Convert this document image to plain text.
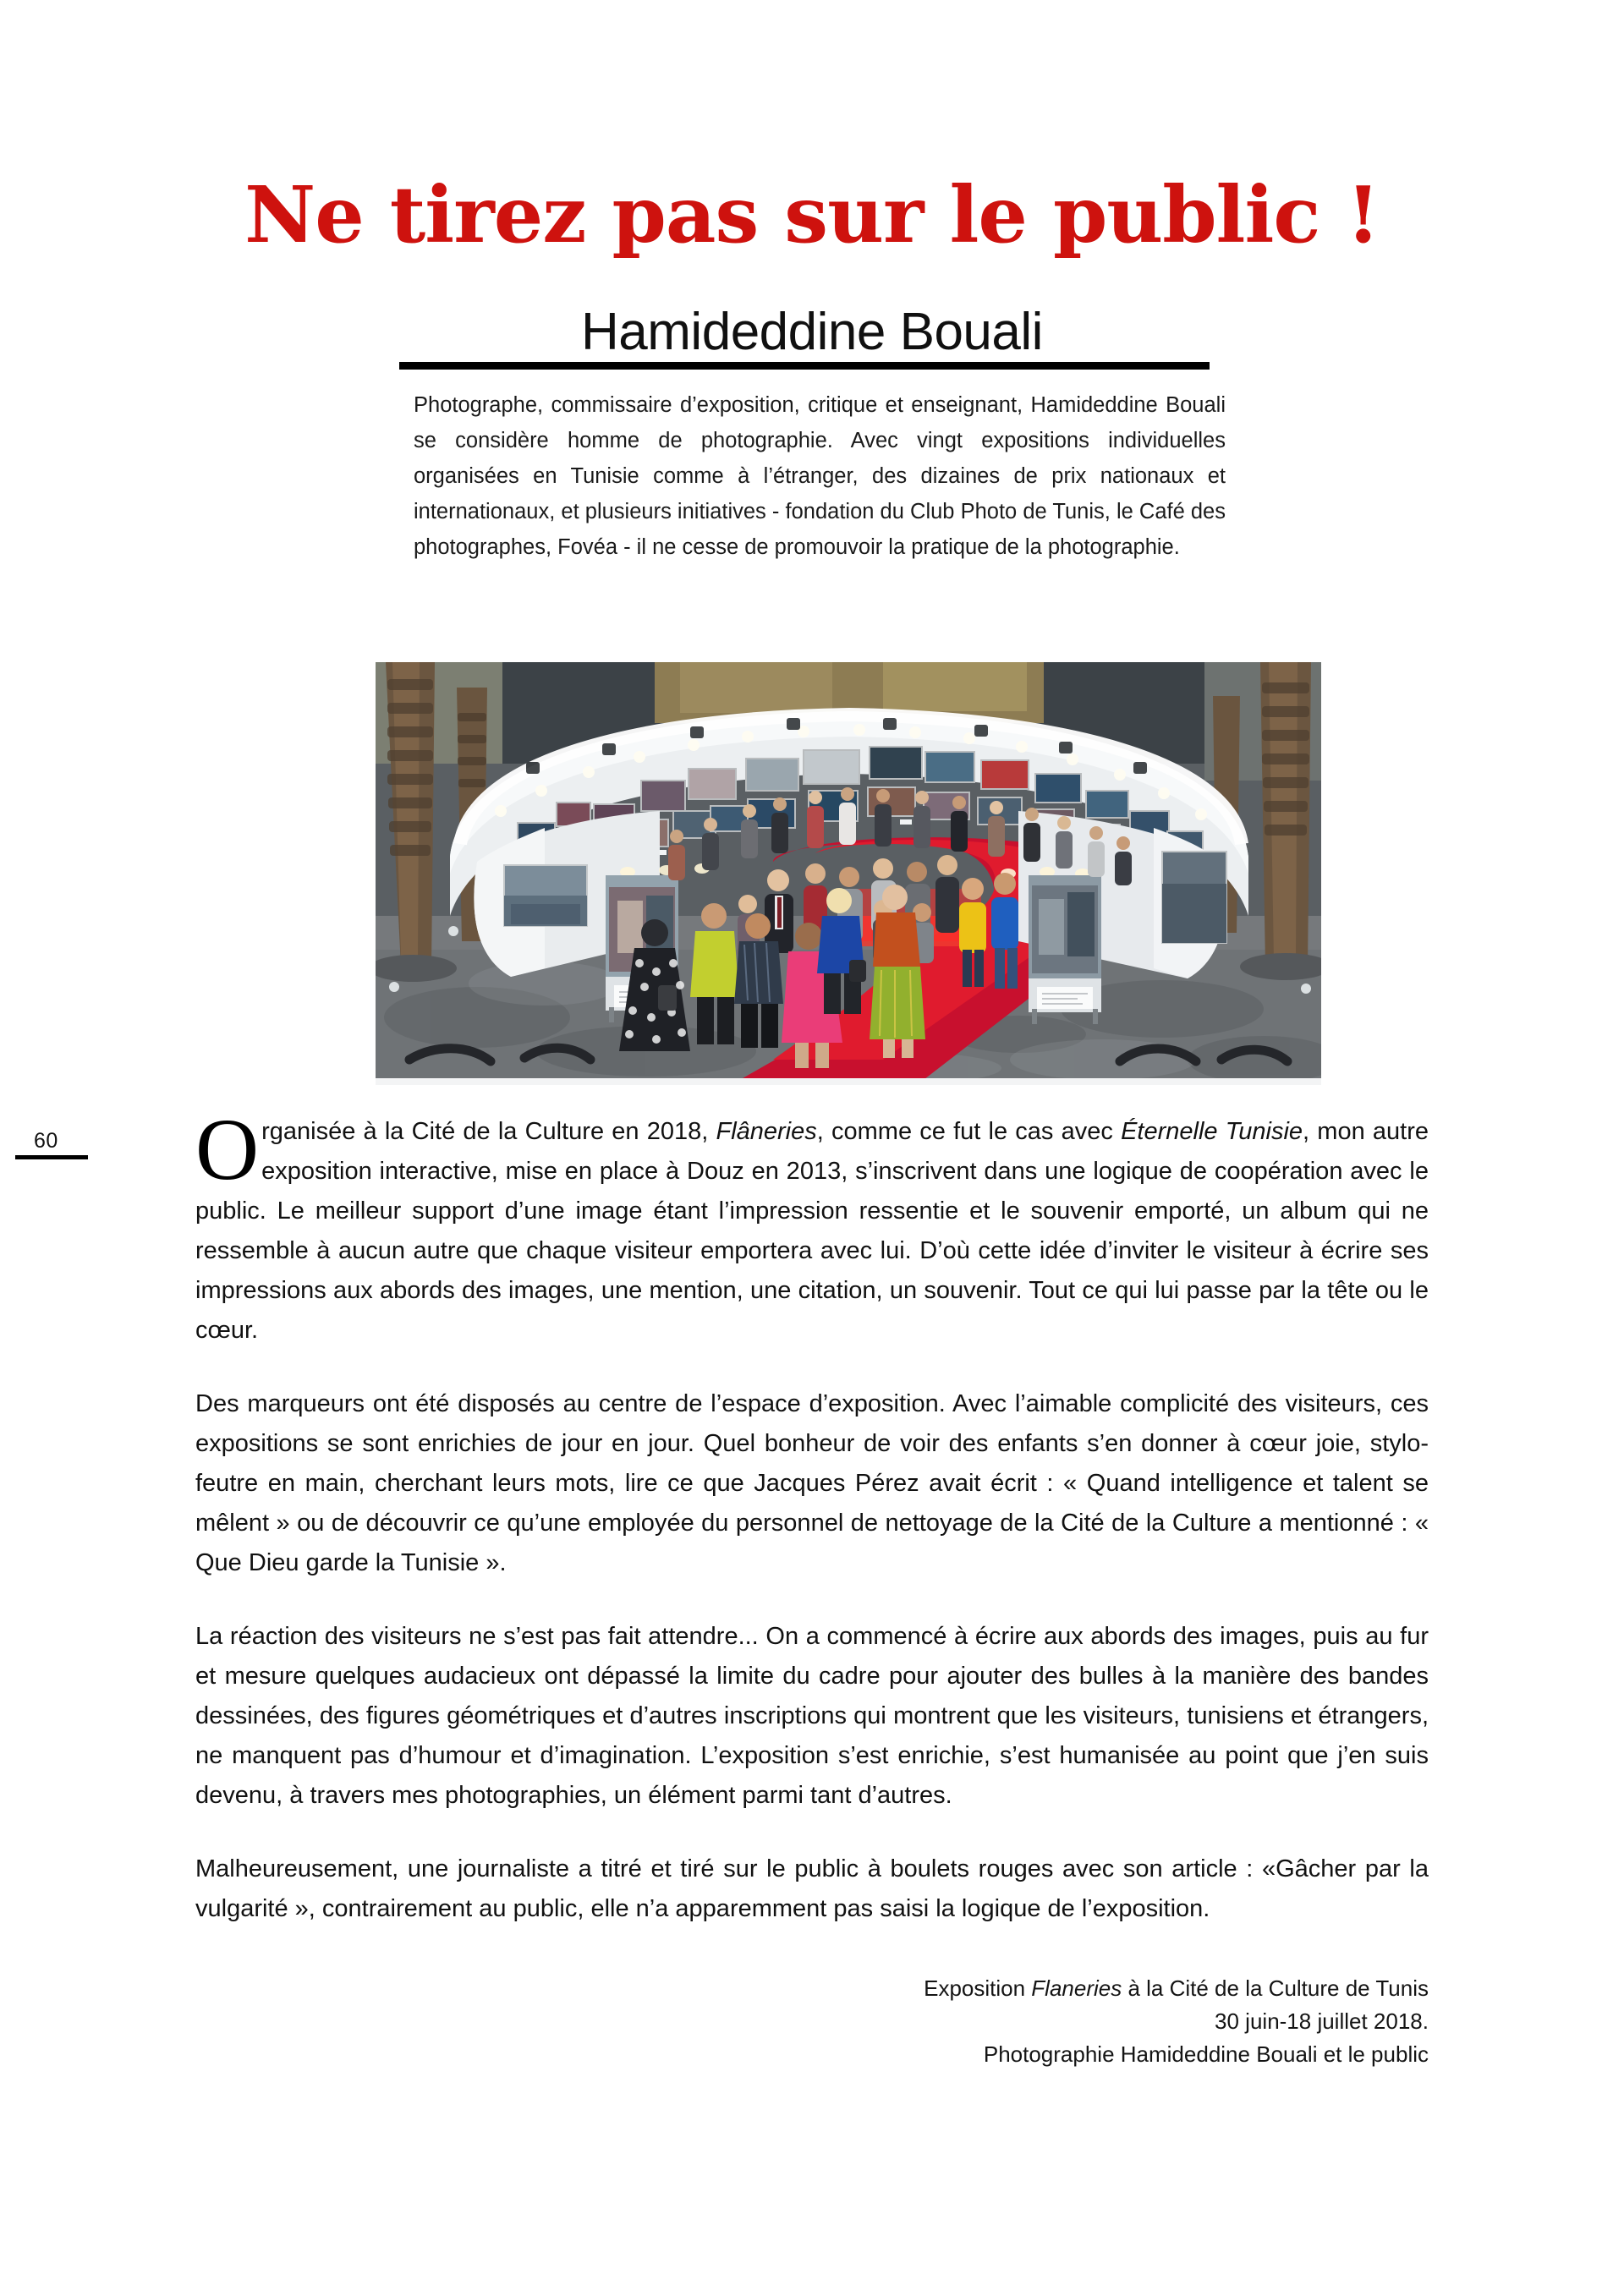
60
Ne tirez pas sur le public !
Hamideddine Bouali
Photographe, commissaire d’exposition, critique et enseignant, Hamideddine Bouali se considère homme de photographie. Avec vingt expositions individuelles organisées en Tunisie comme à l’étranger, des dizaines de prix nationaux et internationaux, et plusieurs initiatives - fondation du Club Photo de Tunis, le Café des photographes, Fovéa - il ne cesse de promouvoir la pratique de la photographie.

Organisée à la Cité de la Culture en 2018, Flâneries, comme ce fut le cas avec Éternelle Tunisie, mon autre exposition interactive, mise en place à Douz en 2013, s’inscrivent dans une logique de coopération avec le public. Le meilleur support d’une image étant l’impression ressentie et le souvenir emporté, un album qui ne ressemble à aucun autre que chaque visiteur emportera avec lui. D’où cette idée d’inviter le visiteur à écrire ses impressions aux abords des images, une mention, une citation, un souvenir. Tout ce qui lui passe par la tête ou le cœur.

Des marqueurs ont été disposés au centre de l’espace d’exposition. Avec l’aimable complicité des visiteurs, ces expositions se sont enrichies de jour en jour. Quel bonheur de voir des enfants s’en donner à cœur joie, stylo-feutre en main, cherchant leurs mots, lire ce que Jacques Pérez avait écrit : « Quand intelligence et talent se mêlent » ou de découvrir ce qu’une employée du personnel de nettoyage de la Cité de la Culture a mentionné : « Que Dieu garde la Tunisie ».

La réaction des visiteurs ne s’est pas fait attendre... On a commencé à écrire aux abords des images, puis au fur et mesure quelques audacieux ont dépassé la limite du cadre pour ajouter des bulles à la manière des bandes dessinées, des figures géométriques et d’autres inscriptions qui montrent que les visiteurs, tunisiens et étrangers, ne manquent pas d’humour et d’imagination. L’exposition s’est enrichie, s’est humanisée au point que j’en suis devenu, à travers mes photographies, un élément parmi tant d’autres.

Malheureusement, une journaliste a titré et tiré sur le public à boulets rouges avec son article : «Gâcher par la vulgarité », contrairement au public, elle n’a apparemment pas saisi la logique de l’exposition.

Exposition Flaneries à la Cité de la Culture de Tunis
30 juin-18 juillet 2018.
Photographie Hamideddine Bouali et le public
